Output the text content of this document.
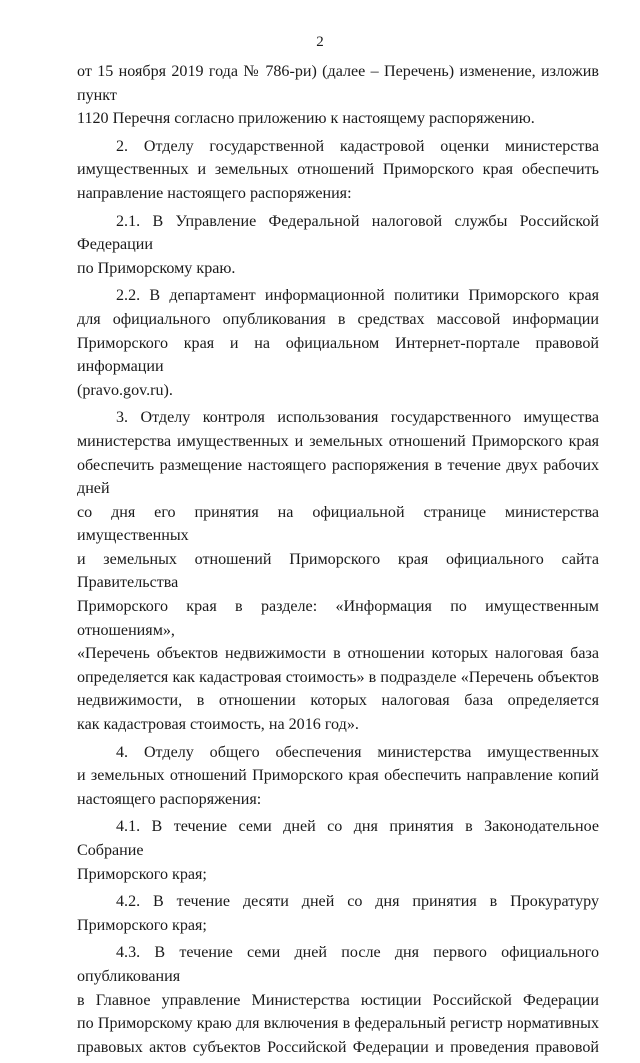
2
от 15 ноября 2019 года № 786-ри) (далее – Перечень) изменение, изложив пункт
1120 Перечня согласно приложению к настоящему распоряжению.
2. Отделу государственной кадастровой оценки министерства
имущественных и земельных отношений Приморского края обеспечить
направление настоящего распоряжения:
2.1. В Управление Федеральной налоговой службы Российской Федерации
по Приморскому краю.
2.2. В департамент информационной политики Приморского края
для официального опубликования в средствах массовой информации
Приморского края и на официальном Интернет-портале правовой информации
(pravo.gov.ru).
3. Отделу контроля использования государственного имущества
министерства имущественных и земельных отношений Приморского края
обеспечить размещение настоящего распоряжения в течение двух рабочих дней
со дня его принятия на официальной странице министерства имущественных
и земельных отношений Приморского края официального сайта Правительства
Приморского края в разделе: «Информация по имущественным отношениям»,
«Перечень объектов недвижимости в отношении которых налоговая база
определяется как кадастровая стоимость» в подразделе «Перечень объектов
недвижимости, в отношении которых налоговая база определяется
как кадастровая стоимость, на 2016 год».
4. Отделу общего обеспечения министерства имущественных
и земельных отношений Приморского края обеспечить направление копий
настоящего распоряжения:
4.1. В течение семи дней со дня принятия в Законодательное Собрание
Приморского края;
4.2. В течение десяти дней со дня принятия в Прокуратуру
Приморского края;
4.3. В течение семи дней после дня первого официального опубликования
в Главное управление Министерства юстиции Российской Федерации
по Приморскому краю для включения в федеральный регистр нормативных
правовых актов субъектов Российской Федерации и проведения правовой
